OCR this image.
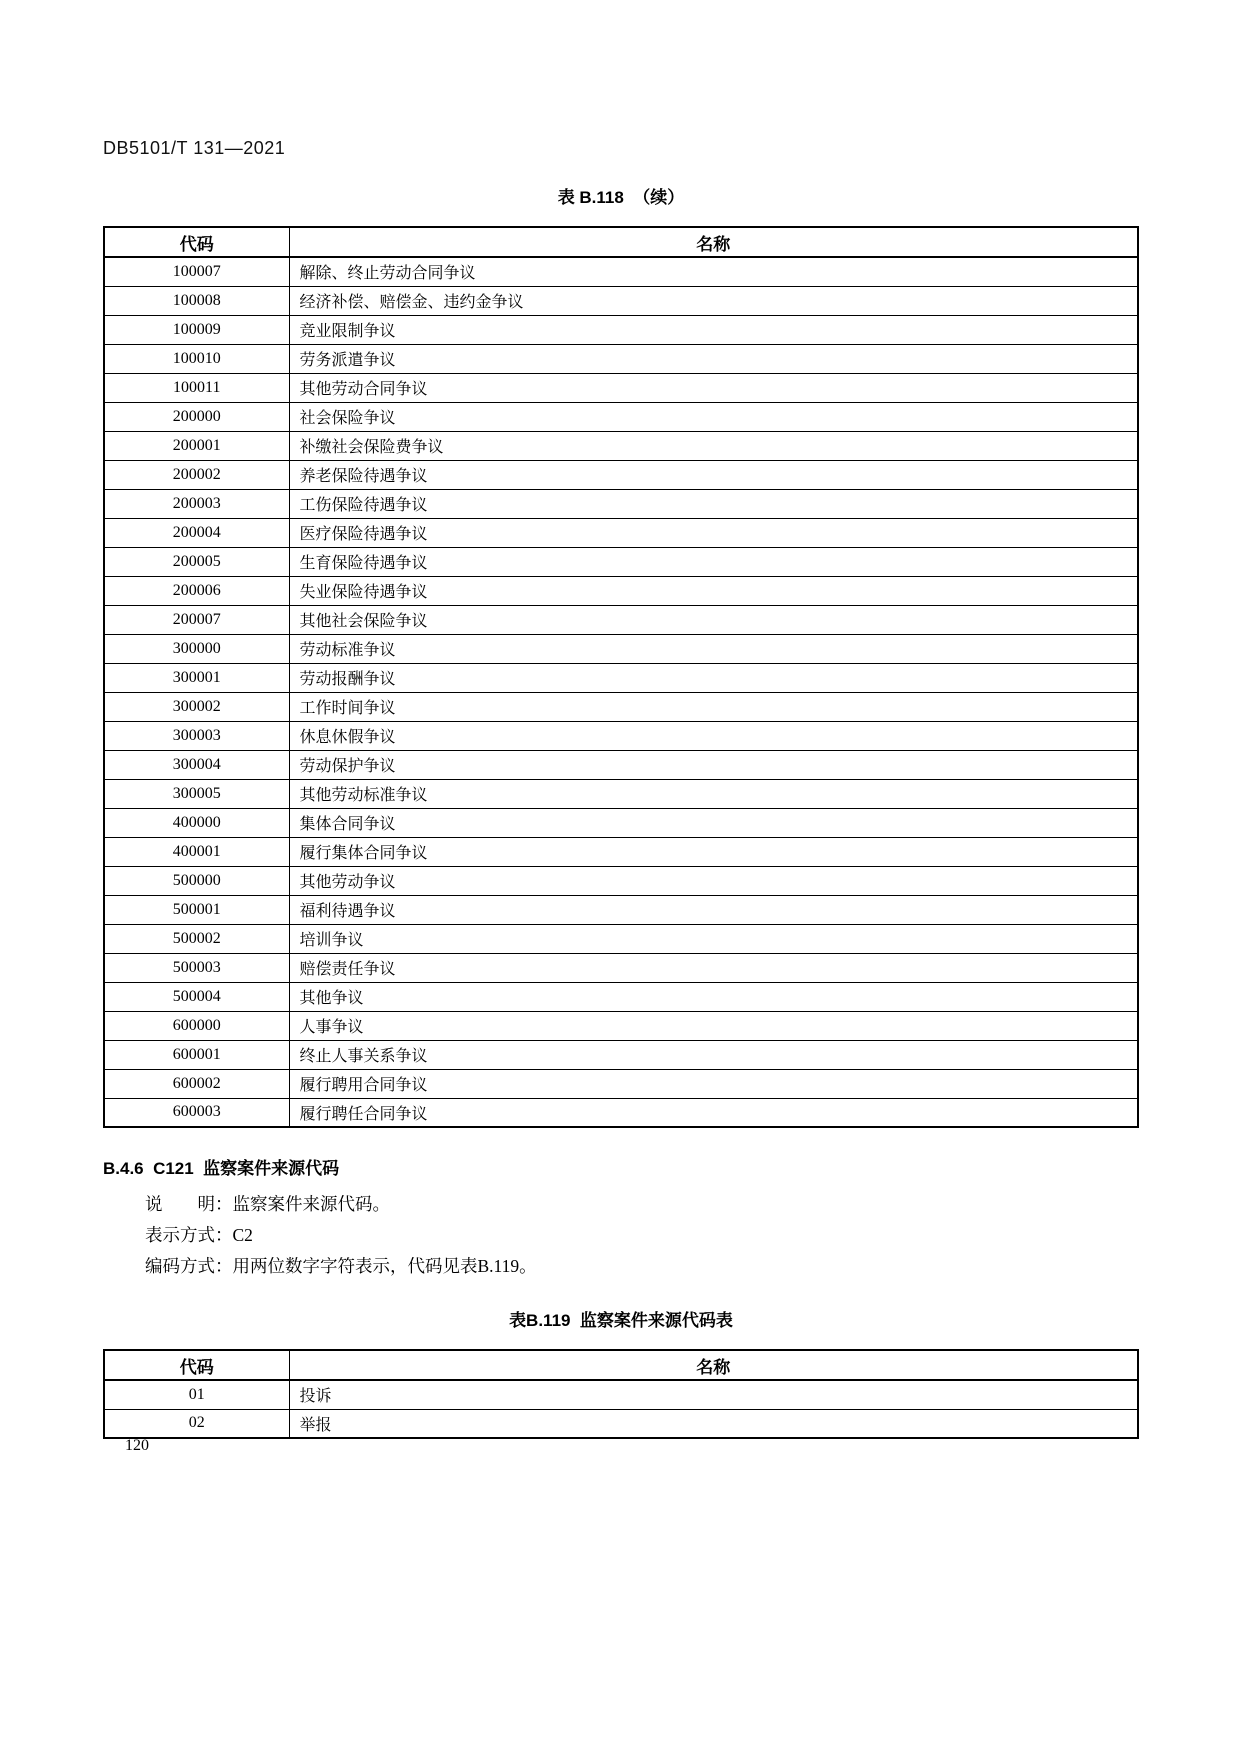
DB5101/T 131—2021
表 B.118  （续）
代码	名称
100007	解除、终止劳动合同争议
100008	经济补偿、赔偿金、违约金争议
100009	竞业限制争议
100010	劳务派遣争议
100011	其他劳动合同争议
200000	社会保险争议
200001	补缴社会保险费争议
200002	养老保险待遇争议
200003	工伤保险待遇争议
200004	医疗保险待遇争议
200005	生育保险待遇争议
200006	失业保险待遇争议
200007	其他社会保险争议
300000	劳动标准争议
300001	劳动报酬争议
300002	工作时间争议
300003	休息休假争议
300004	劳动保护争议
300005	其他劳动标准争议
400000	集体合同争议
400001	履行集体合同争议
500000	其他劳动争议
500001	福利待遇争议
500002	培训争议
500003	赔偿责任争议
500004	其他争议
600000	人事争议
600001	终止人事关系争议
600002	履行聘用合同争议
600003	履行聘任合同争议
B.4.6  C121  监察案件来源代码
说　　明：监察案件来源代码。
表示方式：C2
编码方式：用两位数字字符表示，代码见表B.119。
表B.119  监察案件来源代码表
代码	名称
01	投诉
02	举报
120
